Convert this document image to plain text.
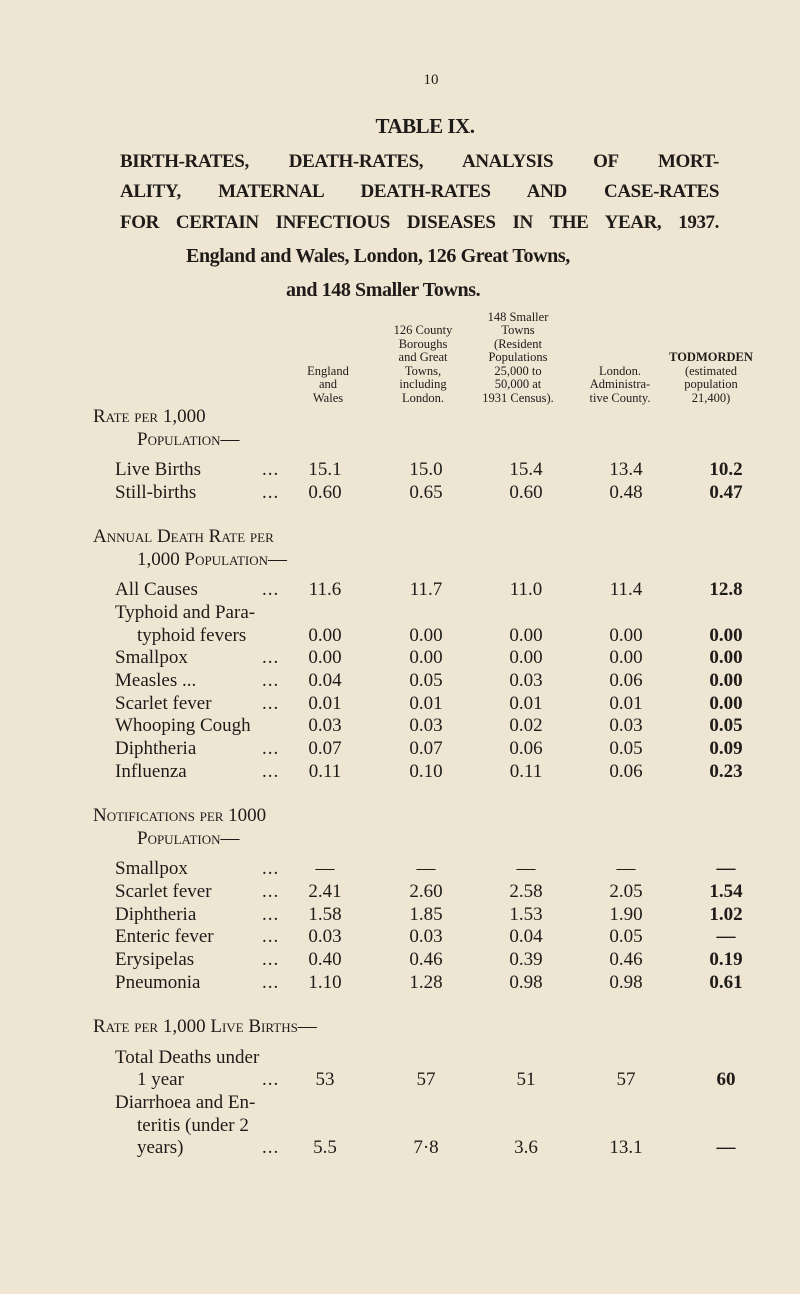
10
TABLE IX.
BIRTH-RATES, DEATH-RATES, ANALYSIS OF MORT-
ALITY, MATERNAL DEATH-RATES AND CASE-RATES
FOR CERTAIN INFECTIOUS DISEASES IN THE YEAR, 1937.
England and Wales, London, 126 Great Towns,
and 148 Smaller Towns.
England
and
Wales
126 County
Boroughs
and Great
Towns,
including
London.
148 Smaller
Towns
(Resident
Populations
25,000 to
50,000 at
1931 Census).
London.
Administra-
tive County.
TODMORDEN
(estimated
population
21,400)
Rate per 1,000
Population—
Live Births	...	15.1	15.0	15.4	13.4	10.2
Still-births	...	0.60	0.65	0.60	0.48	0.47
Annual Death Rate per
1,000 Population—
All Causes	...	11.6	11.7	11.0	11.4	12.8
Typhoid and Para-
typhoid fevers	0.00	0.00	0.00	0.00	0.00
Smallpox	...	0.00	0.00	0.00	0.00	0.00
Measles ...	...	0.04	0.05	0.03	0.06	0.00
Scarlet fever	...	0.01	0.01	0.01	0.01	0.00
Whooping Cough	0.03	0.03	0.02	0.03	0.05
Diphtheria	...	0.07	0.07	0.06	0.05	0.09
Influenza	...	0.11	0.10	0.11	0.06	0.23
Notifications per 1000
Population—
Smallpox	...	—	—	—	—	—
Scarlet fever	...	2.41	2.60	2.58	2.05	1.54
Diphtheria	...	1.58	1.85	1.53	1.90	1.02
Enteric fever	...	0.03	0.03	0.04	0.05	—
Erysipelas	...	0.40	0.46	0.39	0.46	0.19
Pneumonia	...	1.10	1.28	0.98	0.98	0.61
Rate per 1,000 Live Births—
Total Deaths under
1 year	...	53	57	51	57	60
Diarrhoea and En-
teritis (under 2
years)	...	5.5	7·8	3.6	13.1	—
